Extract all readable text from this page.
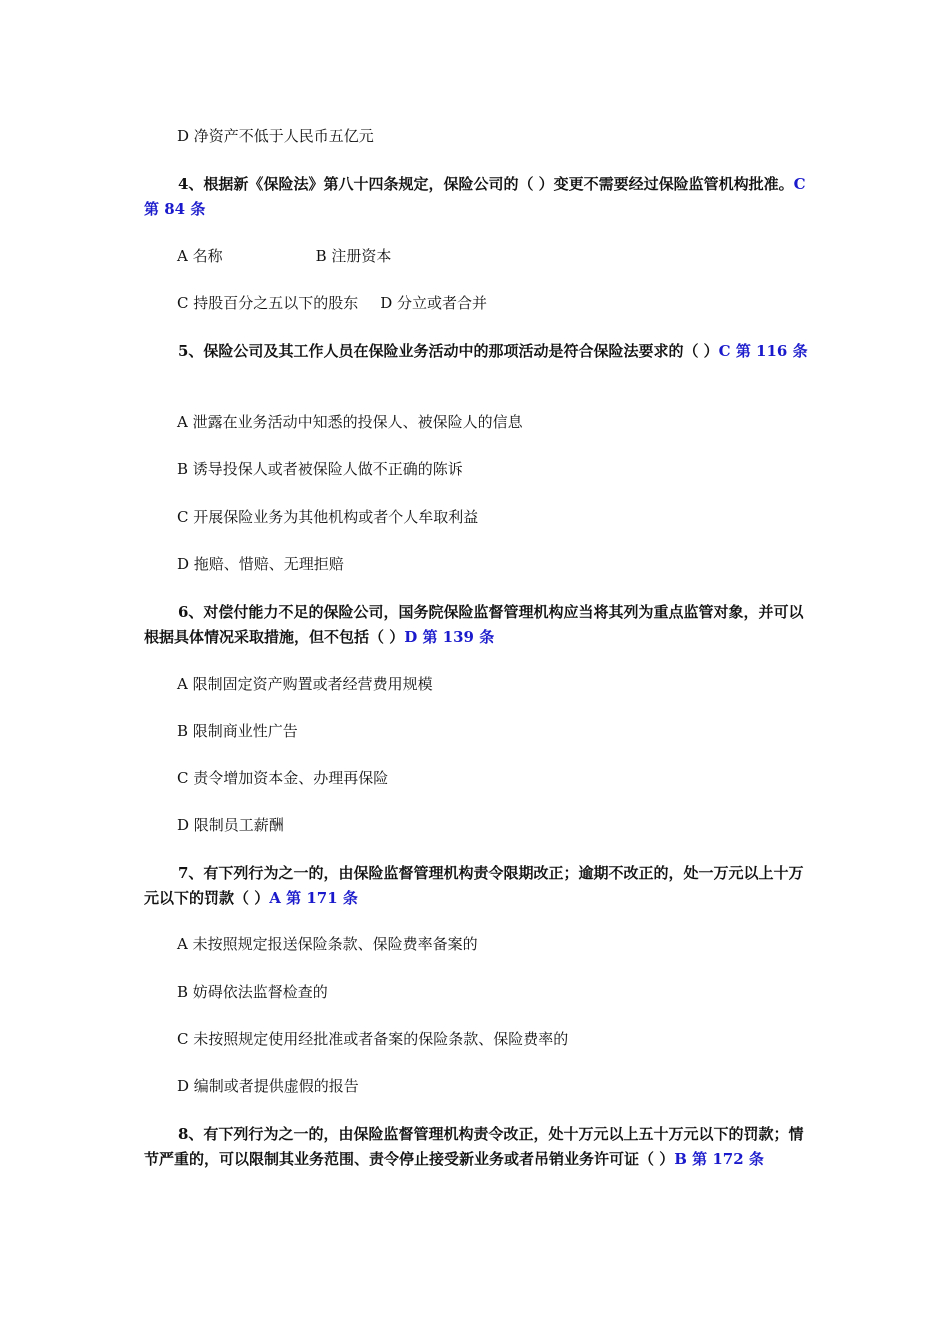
D 净资产不低于人民币五亿元
4、根据新《保险法》第八十四条规定，保险公司的（ ）变更不需要经过保险监管机构批准。C 第 84 条
A 名称	B 注册资本
C 持股百分之五以下的股东 D 分立或者合并
5、保险公司及其工作人员在保险业务活动中的那项活动是符合保险法要求的（ ）C 第 116 条
A 泄露在业务活动中知悉的投保人、被保险人的信息
B 诱导投保人或者被保险人做不正确的陈诉
C 开展保险业务为其他机构或者个人牟取利益
D 拖赔、惜赔、无理拒赔
6、对偿付能力不足的保险公司，国务院保险监督管理机构应当将其列为重点监管对象，并可以根据具体情况采取措施，但不包括（ ）D 第 139 条
A 限制固定资产购置或者经营费用规模
B 限制商业性广告
C 责令增加资本金、办理再保险
D 限制员工薪酬
7、有下列行为之一的，由保险监督管理机构责令限期改正；逾期不改正的，处一万元以上十万元以下的罚款（ ）A 第 171 条
A 未按照规定报送保险条款、保险费率备案的
B 妨碍依法监督检查的
C 未按照规定使用经批准或者备案的保险条款、保险费率的
D 编制或者提供虚假的报告
8、有下列行为之一的，由保险监督管理机构责令改正，处十万元以上五十万元以下的罚款；情节严重的，可以限制其业务范围、责令停止接受新业务或者吊销业务许可证（ ）B 第 172 条
